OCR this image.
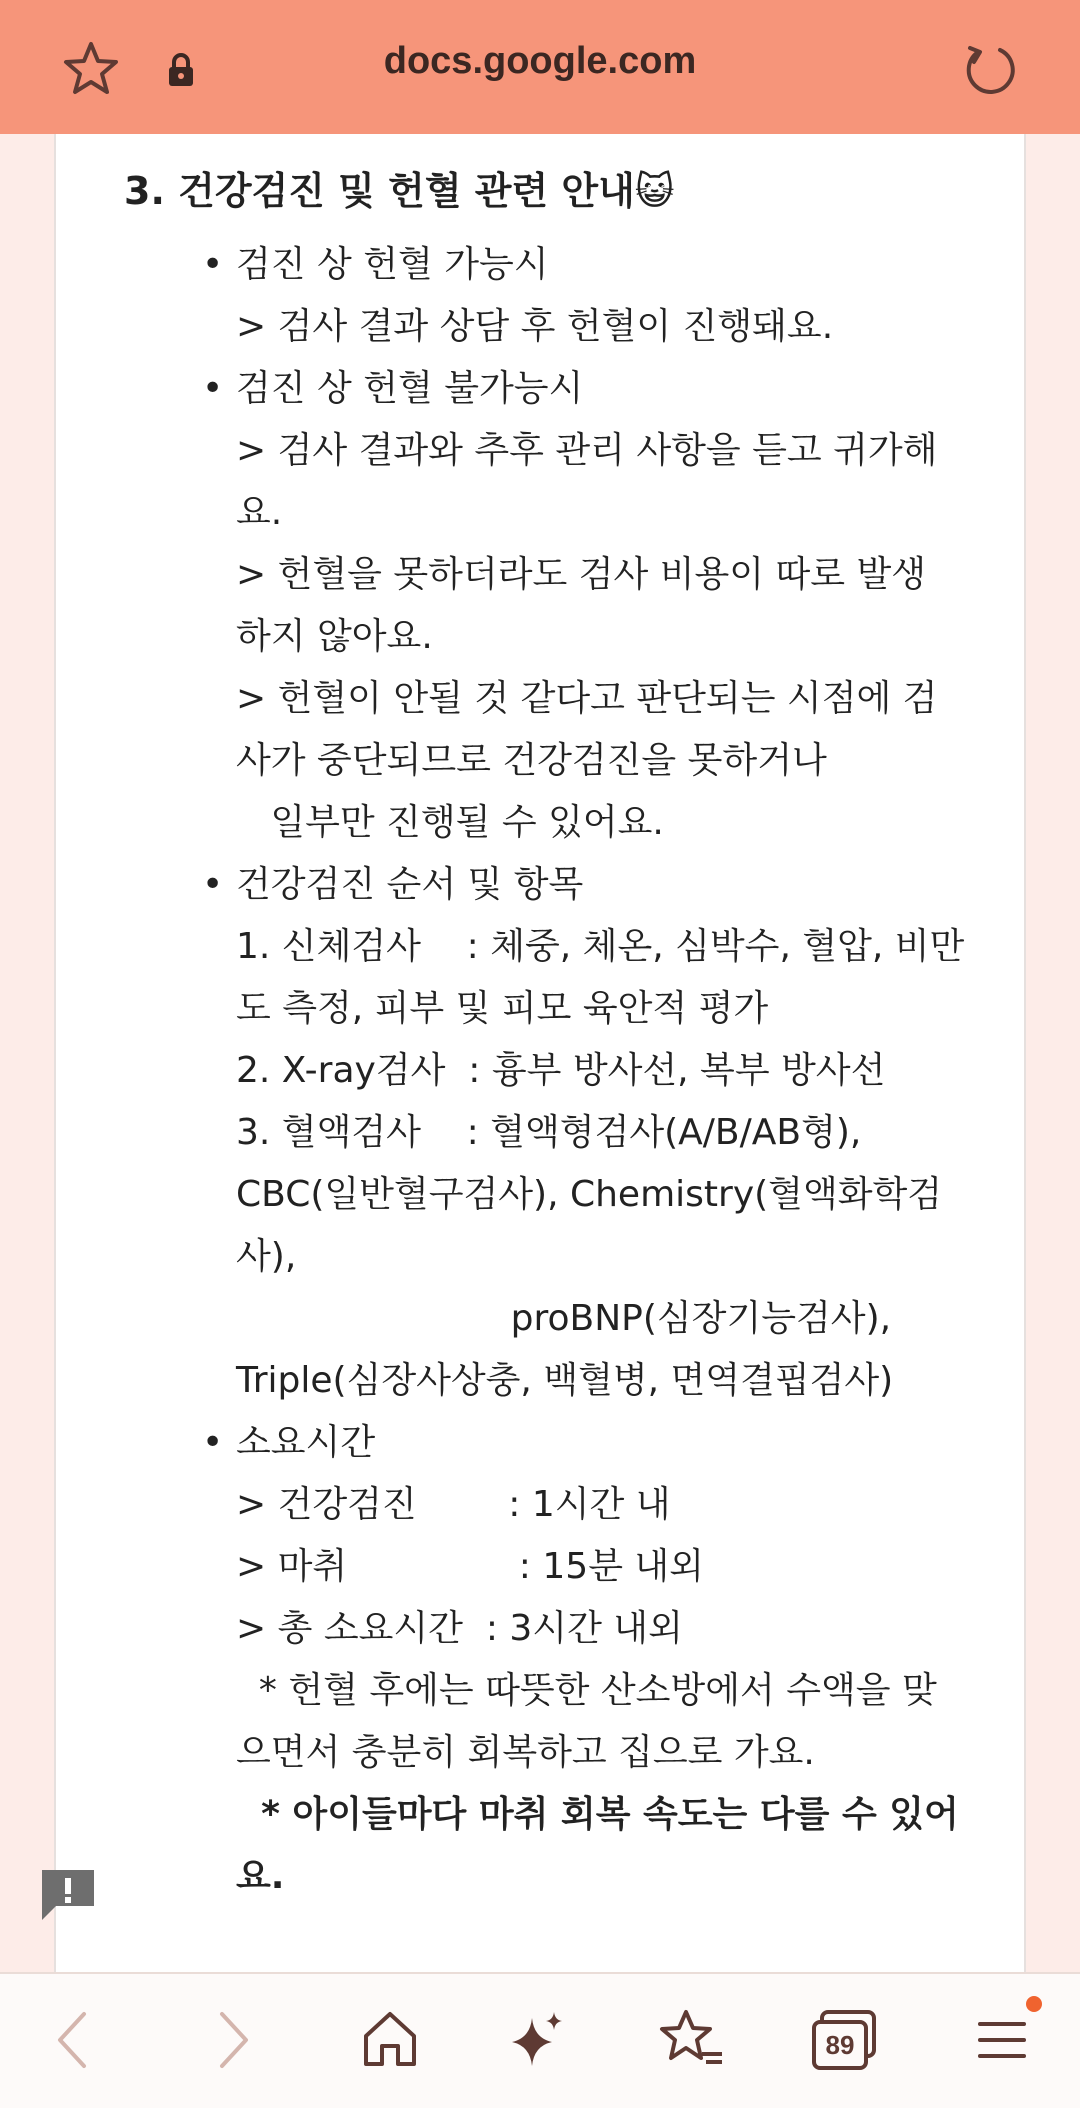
docs.google.com
3. 건강검진 및 헌혈 관련 안내😺
• 검진 상 헌혈 가능시
> 검사 결과 상담 후 헌혈이 진행돼요.
• 검진 상 헌혈 불가능시
> 검사 결과와 추후 관리 사항을 듣고 귀가해
요.
> 헌혈을 못하더라도 검사 비용이 따로 발생
하지 않아요.
> 헌혈이 안될 것 같다고 판단되는 시점에 검
사가 중단되므로 건강검진을 못하거나
일부만 진행될 수 있어요.
• 건강검진 순서 및 항목
1. 신체검사    : 체중, 체온, 심박수, 혈압, 비만
도 측정, 피부 및 피모 육안적 평가
2. X-ray검사  : 흉부 방사선, 복부 방사선
3. 혈액검사    : 혈액형검사(A/B/AB형),
CBC(일반혈구검사), Chemistry(혈액화학검
사),
proBNP(심장기능검사),
Triple(심장사상충, 백혈병, 면역결핍검사)
• 소요시간
> 건강검진        : 1시간 내
> 마취               : 15분 내외
> 총 소요시간  : 3시간 내외
* 헌혈 후에는 따뜻한 산소방에서 수액을 맞
으면서 충분히 회복하고 집으로 가요.
* 아이들마다 마취 회복 속도는 다를 수 있어
요.
89
